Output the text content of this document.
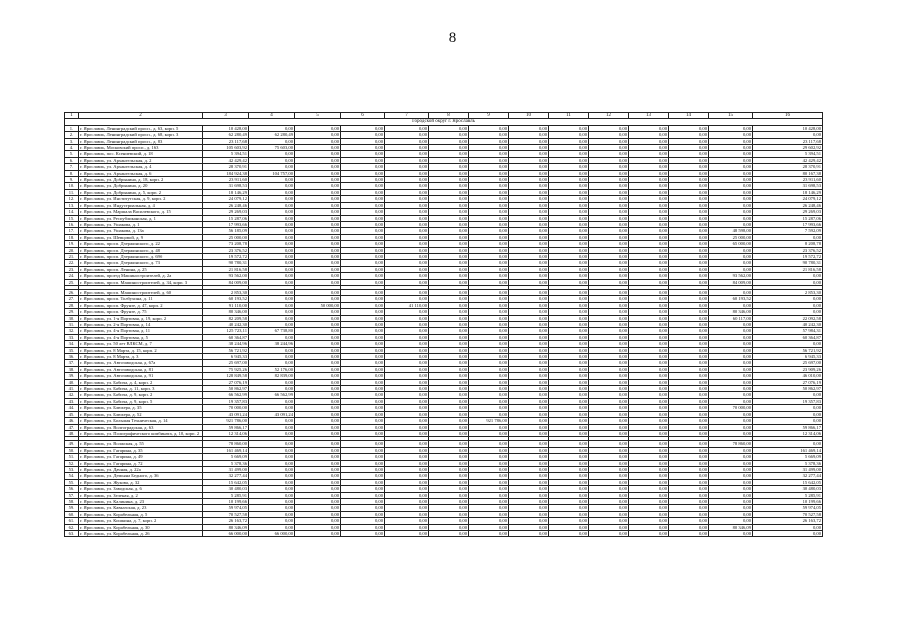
8
1	2	3	4	5	6	7	8	9	10	11	12	13	14	15	16
Городской округ г. Ярославль															
1.	г. Ярославль, Ленинградский просп., д. 63, корп. 5	10 428,00	0,00	0,00	0,00	0,00	0,00	0,00	0,00	0,00	0,00	0,00	0,00	0,00	10 428,00
2.	г. Ярославль, Ленинградский просп., д. 68, корп. 3	62 280,49	62 280,49	0,00	0,00	0,00	0,00	0,00	0,00	0,00	0,00	0,00	0,00	0,00	0,00
3.	г. Ярославль, Ленинградский просп., д. 83	23 117,68	0,00	0,00	0,00	0,00	0,00	0,00	0,00	0,00	0,00	0,00	0,00	0,00	23 117,68
4.	г. Ярославль, Московский просп., д. 163	105 603,92	75 603,00	0,00	0,00	0,00	0,00	0,00	0,00	0,00	0,00	0,00	0,00	0,00	29 602,92
5.	г. Ярославль, пос. Ксениевский, д. 18	5 394,51	0,00	0,00	0,00	0,00	0,00	0,00	0,00	0,00	0,00	0,00	0,00	0,00	5 394,51
6.	г. Ярославль, ул. Архангельская, д. 2	42 429,42	0,00	0,00	0,00	0,00	0,00	0,00	0,00	0,00	0,00	0,00	0,00	0,00	42 429,42
7.	г. Ярославль, ул. Архангельская, д. 4	28 370,91	0,00	0,00	0,00	0,00	0,00	0,00	0,00	0,00	0,00	0,00	0,00	0,00	28 370,91
8.	г. Ярославль, ул. Архангельская, д. 6	184 924,38	104 757,00	0,00	0,00	0,00	0,00	0,00	0,00	0,00	0,00	0,00	0,00	0,00	80 167,38
9.	г. Ярославль, ул. Добрынина, д. 18, корп. 2	23 911,60	0,00	0,00	0,00	0,00	0,00	0,00	0,00	0,00	0,00	0,00	0,00	0,00	23 911,60
10.	г. Ярославль, ул. Добрынина, д. 20	31 698,53	0,00	0,00	0,00	0,00	0,00	0,00	0,00	0,00	0,00	0,00	0,00	0,00	31 698,53
11.	г. Ярославль, ул. Добрынина, д. 5, корп. 2	18 146,29	0,00	0,00	0,00	0,00	0,00	0,00	0,00	0,00	0,00	0,00	0,00	0,00	18 146,29
12.	г. Ярославль, ул. Институтская, д. 9, корп. 2	24 079,12	0,00	0,00	0,00	0,00	0,00	0,00	0,00	0,00	0,00	0,00	0,00	0,00	24 079,12
13.	г. Ярославль, ул. Индустриальная, д. 4	26 248,46	0,00	0,00	0,00	0,00	0,00	0,00	0,00	0,00	0,00	0,00	0,00	0,00	26 248,46
14.	г. Ярославль, ул. Маршала Василевского, д. 15	29 269,03	0,00	0,00	0,00	0,00	0,00	0,00	0,00	0,00	0,00	0,00	0,00	0,00	29 269,03
15.	г. Ярославль, ул. Республиканская, д. 1	15 287,06	0,00	0,00	0,00	0,00	0,00	0,00	0,00	0,00	0,00	0,00	0,00	0,00	15 287,06
16.	г. Ярославль, ул. Ушакова, д. 1	17 993,66	0,00	0,00	0,00	0,00	0,00	0,00	0,00	0,00	0,00	0,00	0,00	0,00	17 993,66
17.	г. Ярославль, ул. Ушакова, д. 13а	56 185,09	0,00	0,00	0,00	0,00	0,00	0,00	0,00	0,00	0,00	0,00	0,00	48 598,00	7 592,09
18.	г. Ярославль, ул. Шевцовой, д. 9	25 000,00	0,00	0,00	0,00	0,00	0,00	0,00	0,00	0,00	0,00	0,00	0,00	25 000,00	0,00
19.	г. Ярославль, просп. Дзержинского, д. 22	73 208,78	0,00	0,00	0,00	0,00	0,00	0,00	0,00	0,00	0,00	0,00	0,00	65 000,00	8 208,78
20.	г. Ярославль, просп. Дзержинского, д. 48	23 376,52	0,00	0,00	0,00	0,00	0,00	0,00	0,00	0,00	0,00	0,00	0,00	0,00	23 376,52
21.	г. Ярославль, просп. Дзержинского, д. 69б	19 572,72	0,00	0,00	0,00	0,00	0,00	0,00	0,00	0,00	0,00	0,00	0,00	0,00	19 572,72
22.	г. Ярославль, просп. Дзержинского, д. 73	90 780,31	0,00	0,00	0,00	0,00	0,00	0,00	0,00	0,00	0,00	0,00	0,00	0,00	90 780,31
23.	г. Ярославль, просп. Ленина, д. 25	21 816,58	0,00	0,00	0,00	0,00	0,00	0,00	0,00	0,00	0,00	0,00	0,00	0,00	21 816,58
24.	г. Ярославль, проезд Машиностроителей, д. 2а	93 562,00	0,00	0,00	0,00	0,00	0,00	0,00	0,00	0,00	0,00	0,00	0,00	93 562,00	0,00
25.	г. Ярославль, просп. Машиностроителей, д. 34, корп. 3	84 009,00	0,00	0,00	0,00	0,00	0,00	0,00	0,00	0,00	0,00	0,00	0,00	84 009,00	0,00

26.	г. Ярославль, просп. Машиностроителей, д. 60	2 853,30	0,00	0,00	0,00	0,00	0,00	0,00	0,00	0,00	0,00	0,00	0,00	0,00	2 853,30
27.	г. Ярославль, просп. Толбухина, д. 11	60 193,52	0,00	0,00	0,00	0,00	0,00	0,00	0,00	0,00	0,00	0,00	0,00	60 193,52	0,00
28.	г. Ярославль, просп. Фрунзе, д. 47, корп. 2	91 110,00	0,00	50 000,00	0,00	41 110,00	0,00	0,00	0,00	0,00	0,00	0,00	0,00	0,00	0,00
29.	г. Ярославль, просп. Фрунзе, д. 75	80 346,00	0,00	0,00	0,00	0,00	0,00	0,00	0,00	0,00	0,00	0,00	0,00	80 346,00	0,00
30.	г. Ярославль, ул. 1-я Портовая, д. 19, корп. 2	82 209,58	0,00	0,00	0,00	0,00	0,00	0,00	0,00	0,00	0,00	0,00	0,00	60 117,00	22 092,58
31.	г. Ярославль, ул. 2-я Портовая, д. 14	40 242,30	0,00	0,00	0,00	0,00	0,00	0,00	0,00	0,00	0,00	0,00	0,00	0,00	40 242,30
32.	г. Ярославль, ул. 4-я Портовая, д. 11	125 723,11	67 738,80	0,00	0,00	0,00	0,00	0,00	0,00	0,00	0,00	0,00	0,00	0,00	57 984,31
33.	г. Ярославль, ул. 4-я Портовая, д. 5	60 364,87	0,00	0,00	0,00	0,00	0,00	0,00	0,00	0,00	0,00	0,00	0,00	0,00	60 364,87
34.	г. Ярославль, ул. 50 лет ВЛКСМ, д. 7	38 244,96	38 244,96	0,00	0,00	0,00	0,00	0,00	0,00	0,00	0,00	0,00	0,00	0,00	0,00
35.	г. Ярославль, ул. 8 Марта, д. 15, корп. 2	56 721,92	0,00	0,00	0,00	0,00	0,00	0,00	0,00	0,00	0,00	0,00	0,00	0,00	56 721,92
36.	г. Ярославль, ул. 8 Марта, д. 3	6 945,33	0,00	0,00	0,00	0,00	0,00	0,00	0,00	0,00	0,00	0,00	0,00	0,00	6 945,33
37.	г. Ярославль, ул. Автозаводская, д. 67а	25 697,00	0,00	0,00	0,00	0,00	0,00	0,00	0,00	0,00	0,00	0,00	0,00	0,00	25 697,00
38.	г. Ярославль, ул. Автозаводская, д. 81	75 925,26	52 176,00	0,00	0,00	0,00	0,00	0,00	0,00	0,00	0,00	0,00	0,00	0,00	23 909,26
39.	г. Ярославль, ул. Автозаводская, д. 91	128 849,58	82 839,00	0,00	0,00	0,00	0,00	0,00	0,00	0,00	0,00	0,00	0,00	0,00	46 010,00
40.	г. Ярославль, ул. Бабича, д. 4, корп. 2	27 076,19	0,00	0,00	0,00	0,00	0,00	0,00	0,00	0,00	0,00	0,00	0,00	0,00	27 076,19
41.	г. Ярославль, ул. Бабича, д. 11, корп. 3	50 862,97	0,00	0,00	0,00	0,00	0,00	0,00	0,00	0,00	0,00	0,00	0,00	0,00	50 862,97
42.	г. Ярославль, ул. Бабича, д. 9, корп. 2	66 562,99	66 562,99	0,00	0,00	0,00	0,00	0,00	0,00	0,00	0,00	0,00	0,00	0,00	0,00
43.	г. Ярославль, ул. Бабича, д. 9, корп. 5	19 357,83	0,00	0,00	0,00	0,00	0,00	0,00	0,00	0,00	0,00	0,00	0,00	0,00	19 357,83
44.	г. Ярославль, ул. Блюхера, д. 35	70 000,00	0,00	0,00	0,00	0,00	0,00	0,00	0,00	0,00	0,00	0,00	0,00	70 000,00	0,00
45.	г. Ярославль, ул. Блюхера, д. 52	43 091,24	43 091,24	0,00	0,00	0,00	0,00	0,00	0,00	0,00	0,00	0,00	0,00	0,00	0,00
46.	г. Ярославль, ул. Большая Техническая, д. 14	921 786,00	0,00	0,00	0,00	0,00	0,00	921 786,00	0,00	0,00	0,00	0,00	0,00	0,00	0,00
47.	г. Ярославль, ул. Волгоградская, д. 63	59 866,17	0,00	0,00	0,00	0,00	0,00	0,00	0,00	0,00	0,00	0,00	0,00	0,00	59 866,17
48.	г. Ярославль, ул. Полиграфического комбината, д. 10, корп. 2	12 314,06	0,00	0,00	0,00	0,00	0,00	0,00	0,00	0,00	0,00	0,00	0,00	0,00	12 314,06

49.	г. Ярославль, ул. Волжская, д. 55	78 860,00	0,00	0,00	0,00	0,00	0,00	0,00	0,00	0,00	0,00	0,00	0,00	78 860,00	0,00
50.	г. Ярославль, ул. Гагарина, д. 35	161 469,14	0,00	0,00	0,00	0,00	0,00	0,00	0,00	0,00	0,00	0,00	0,00	0,00	161 469,14
51.	г. Ярославль, ул. Гагарина, д. 49	5 669,09	0,00	0,00	0,00	0,00	0,00	0,00	0,00	0,00	0,00	0,00	0,00	0,00	5 669,09
52.	г. Ярославль, ул. Гагарина, д. 72	5 378,36	0,00	0,00	0,00	0,00	0,00	0,00	0,00	0,00	0,00	0,00	0,00	0,00	5 378,36
53.	г. Ярославль, ул. Дачная, д. 22а	31 499,00	0,00	0,00	0,00	0,00	0,00	0,00	0,00	0,00	0,00	0,00	0,00	0,00	31 499,00
54.	г. Ярославль, ул. Демьяна Бедного, д. 36	32 277,44	0,00	0,00	0,00	0,00	0,00	0,00	0,00	0,00	0,00	0,00	0,00	0,00	32 277,44
55.	г. Ярославль, ул. Жукова, д. 32	15 642,05	0,00	0,00	0,00	0,00	0,00	0,00	0,00	0,00	0,00	0,00	0,00	0,00	15 642,05
56.	г. Ярославль, ул. Заводская, д. 6	30 480,03	0,00	0,00	0,00	0,00	0,00	0,00	0,00	0,00	0,00	0,00	0,00	0,00	30 480,03
57.	г. Ярославль, ул. Зеленая, д. 2	5 285,91	0,00	0,00	0,00	0,00	0,00	0,00	0,00	0,00	0,00	0,00	0,00	0,00	5 285,91
58.	г. Ярославль, ул. Калинина, д. 23	10 199,66	0,00	0,00	0,00	0,00	0,00	0,00	0,00	0,00	0,00	0,00	0,00	0,00	10 199,66
59.	г. Ярославль, ул. Кавказская, д. 23	59 974,05	0,00	0,00	0,00	0,00	0,00	0,00	0,00	0,00	0,00	0,00	0,00	0,00	59 974,05
60.	г. Ярославль, ул. Корабельная, д. 5	70 527,58	0,00	0,00	0,00	0,00	0,00	0,00	0,00	0,00	0,00	0,00	0,00	0,00	70 527,58
61.	г. Ярославль, ул. Кошкина, д. 7, корп. 2	26 163,72	0,00	0,00	0,00	0,00	0,00	0,00	0,00	0,00	0,00	0,00	0,00	0,00	26 163,72
62.	г. Ярославль, ул. Корабельная, д. 30	80 346,09	0,00	0,00	0,00	0,00	0,00	0,00	0,00	0,00	0,00	0,00	0,00	80 346,09	0,00
63.	г. Ярославль, ул. Корабельная, д. 26	66 000,00	66 000,00	0,00	0,00	0,00	0,00	0,00	0,00	0,00	0,00	0,00	0,00	0,00	0,00
